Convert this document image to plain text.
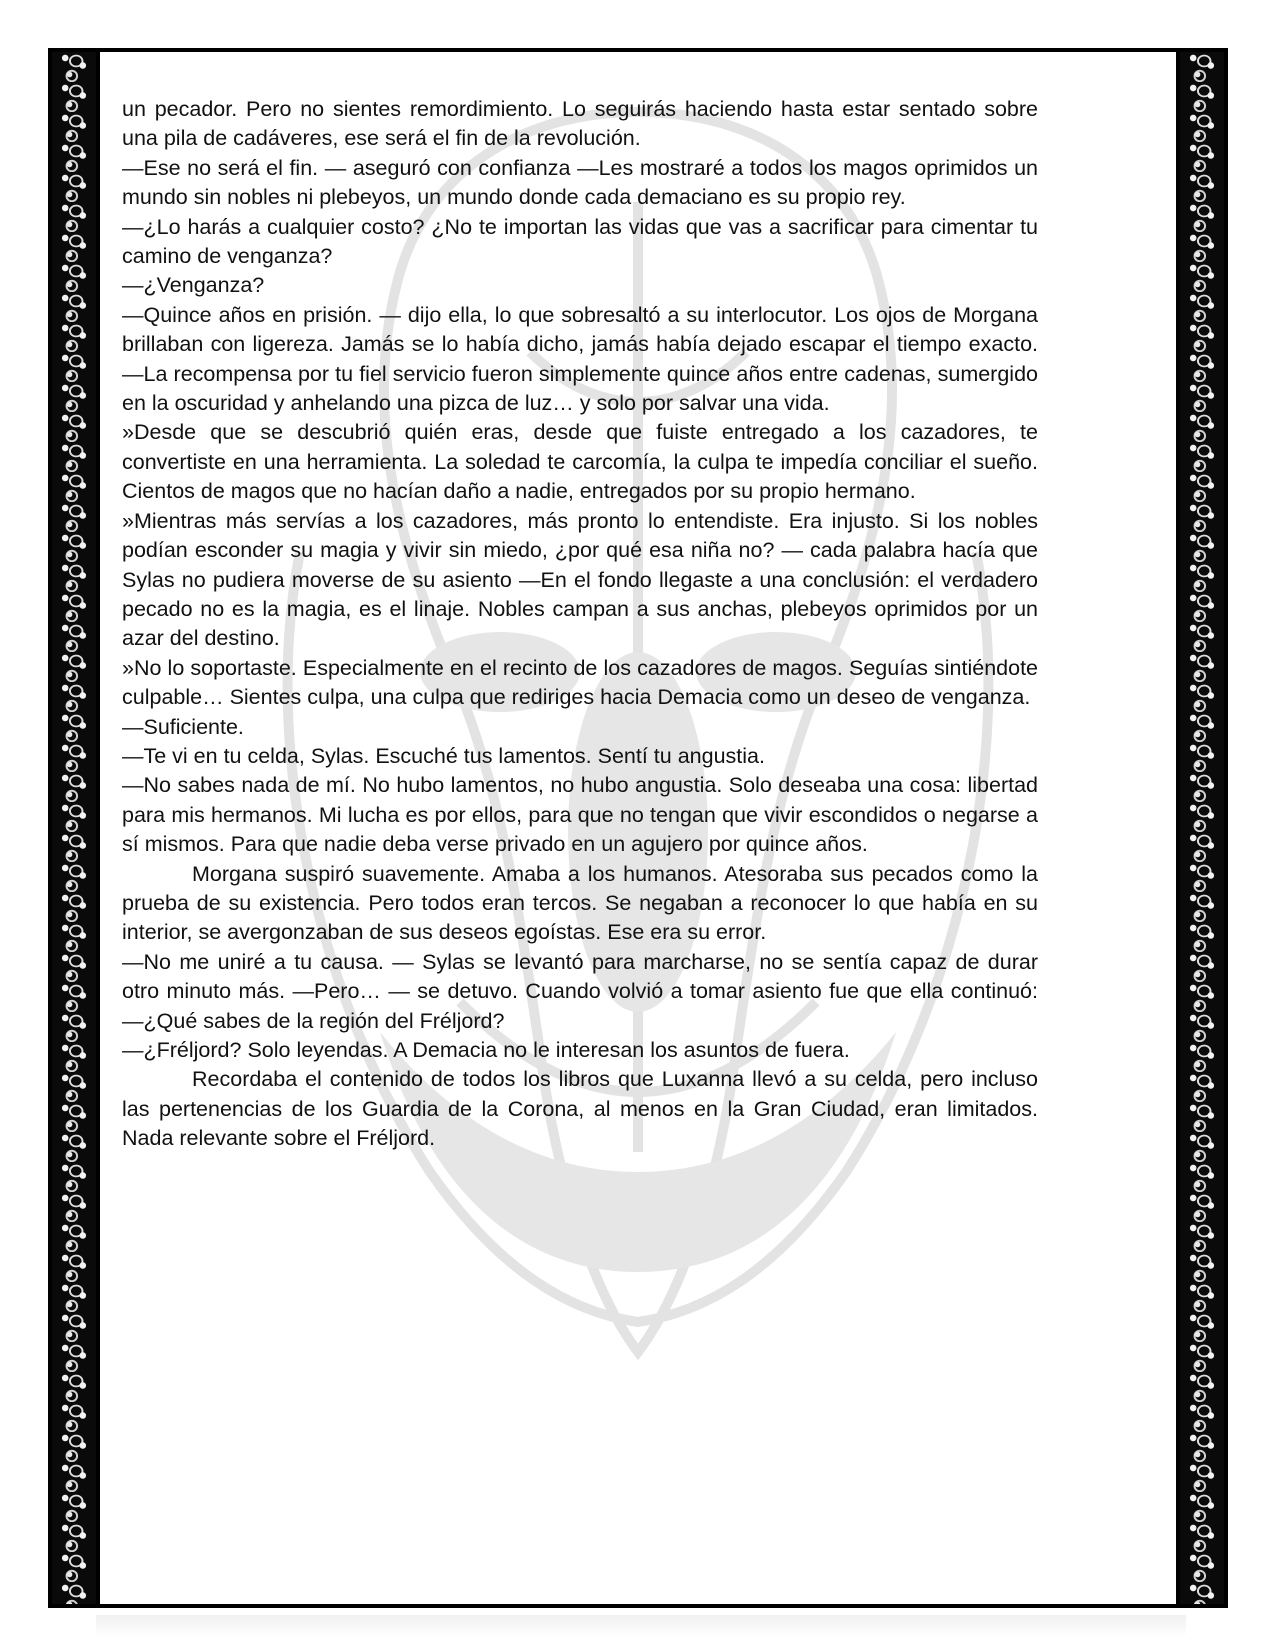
un pecador. Pero no sientes remordimiento. Lo seguirás haciendo hasta estar sentado sobre una pila de cadáveres, ese será el fin de la revolución.

—Ese no será el fin. — aseguró con confianza —Les mostraré a todos los magos oprimidos un mundo sin nobles ni plebeyos, un mundo donde cada demaciano es su propio rey.

—¿Lo harás a cualquier costo? ¿No te importan las vidas que vas a sacrificar para cimentar tu camino de venganza?

—¿Venganza?

—Quince años en prisión. — dijo ella, lo que sobresaltó a su interlocutor. Los ojos de Morgana brillaban con ligereza. Jamás se lo había dicho, jamás había dejado escapar el tiempo exacto. —La recompensa por tu fiel servicio fueron simplemente quince años entre cadenas, sumergido en la oscuridad y anhelando una pizca de luz… y solo por salvar una vida.

»Desde que se descubrió quién eras, desde que fuiste entregado a los cazadores, te convertiste en una herramienta. La soledad te carcomía, la culpa te impedía conciliar el sueño. Cientos de magos que no hacían daño a nadie, entregados por su propio hermano.

»Mientras más servías a los cazadores, más pronto lo entendiste. Era injusto. Si los nobles podían esconder su magia y vivir sin miedo, ¿por qué esa niña no? — cada palabra hacía que Sylas no pudiera moverse de su asiento —En el fondo llegaste a una conclusión: el verdadero pecado no es la magia, es el linaje. Nobles campan a sus anchas, plebeyos oprimidos por un azar del destino.

»No lo soportaste. Especialmente en el recinto de los cazadores de magos. Seguías sintiéndote culpable… Sientes culpa, una culpa que rediriges hacia Demacia como un deseo de venganza.

—Suficiente.

—Te vi en tu celda, Sylas. Escuché tus lamentos. Sentí tu angustia.

—No sabes nada de mí. No hubo lamentos, no hubo angustia. Solo deseaba una cosa: libertad para mis hermanos. Mi lucha es por ellos, para que no tengan que vivir escondidos o negarse a sí mismos. Para que nadie deba verse privado en un agujero por quince años.

Morgana suspiró suavemente. Amaba a los humanos. Atesoraba sus pecados como la prueba de su existencia. Pero todos eran tercos. Se negaban a reconocer lo que había en su interior, se avergonzaban de sus deseos egoístas. Ese era su error.

—No me uniré a tu causa. — Sylas se levantó para marcharse, no se sentía capaz de durar otro minuto más. —Pero… — se detuvo. Cuando volvió a tomar asiento fue que ella continuó: —¿Qué sabes de la región del Fréljord?

—¿Fréljord? Solo leyendas. A Demacia no le interesan los asuntos de fuera.

Recordaba el contenido de todos los libros que Luxanna llevó a su celda, pero incluso las pertenencias de los Guardia de la Corona, al menos en la Gran Ciudad, eran limitados. Nada relevante sobre el Fréljord.
